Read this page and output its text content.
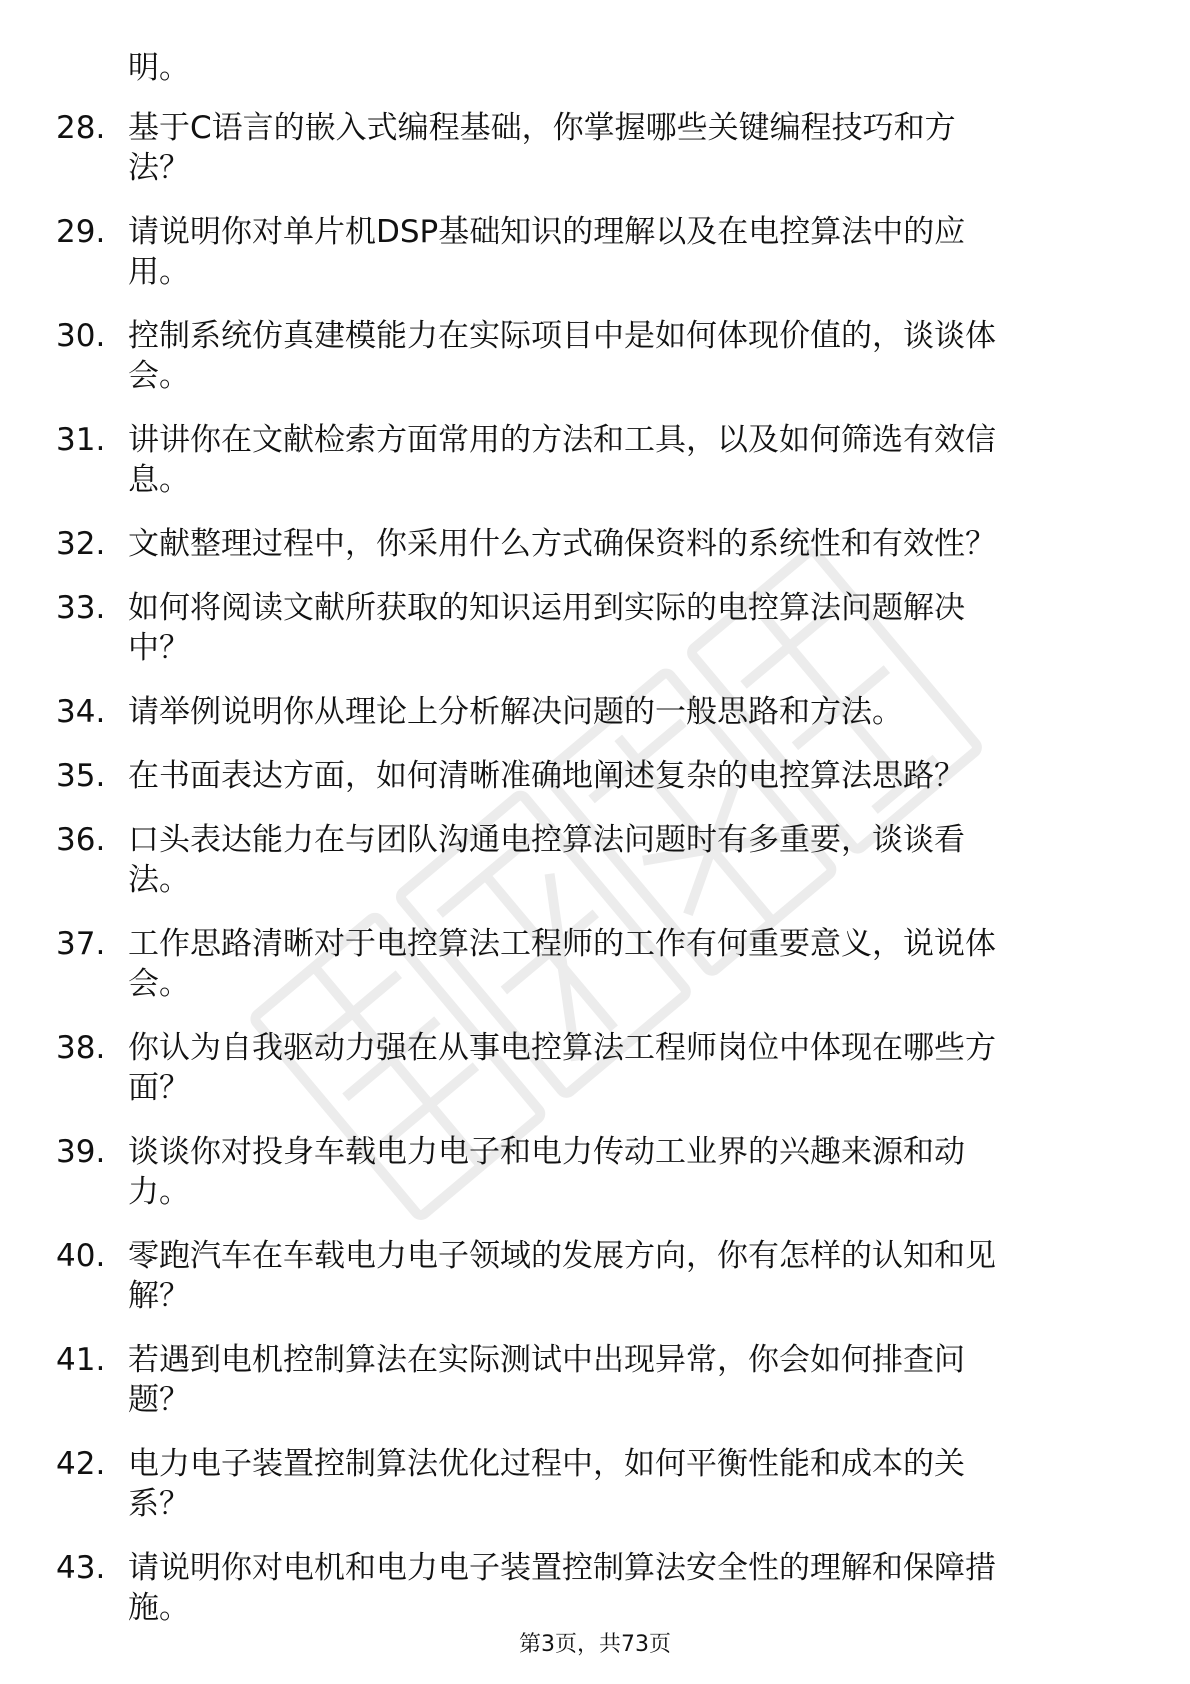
明。
28. 基于C语言的嵌入式编程基础，你掌握哪些关键编程技巧和方
法？
29. 请说明你对单片机DSP基础知识的理解以及在电控算法中的应
用。
30. 控制系统仿真建模能力在实际项目中是如何体现价值的，谈谈体
会。
31. 讲讲你在文献检索方面常用的方法和工具，以及如何筛选有效信
息。
32. 文献整理过程中，你采用什么方式确保资料的系统性和有效性？
33. 如何将阅读文献所获取的知识运用到实际的电控算法问题解决
中？
34. 请举例说明你从理论上分析解决问题的一般思路和方法。
35. 在书面表达方面，如何清晰准确地阐述复杂的电控算法思路？
36. 口头表达能力在与团队沟通电控算法问题时有多重要，谈谈看
法。
37. 工作思路清晰对于电控算法工程师的工作有何重要意义，说说体
会。
38. 你认为自我驱动力强在从事电控算法工程师岗位中体现在哪些方
面？
39. 谈谈你对投身车载电力电子和电力传动工业界的兴趣来源和动
力。
40. 零跑汽车在车载电力电子领域的发展方向，你有怎样的认知和见
解？
41. 若遇到电机控制算法在实际测试中出现异常，你会如何排查问
题？
42. 电力电子装置控制算法优化过程中，如何平衡性能和成本的关
系？
43. 请说明你对电机和电力电子装置控制算法安全性的理解和保障措
施。
第3页，共73页
